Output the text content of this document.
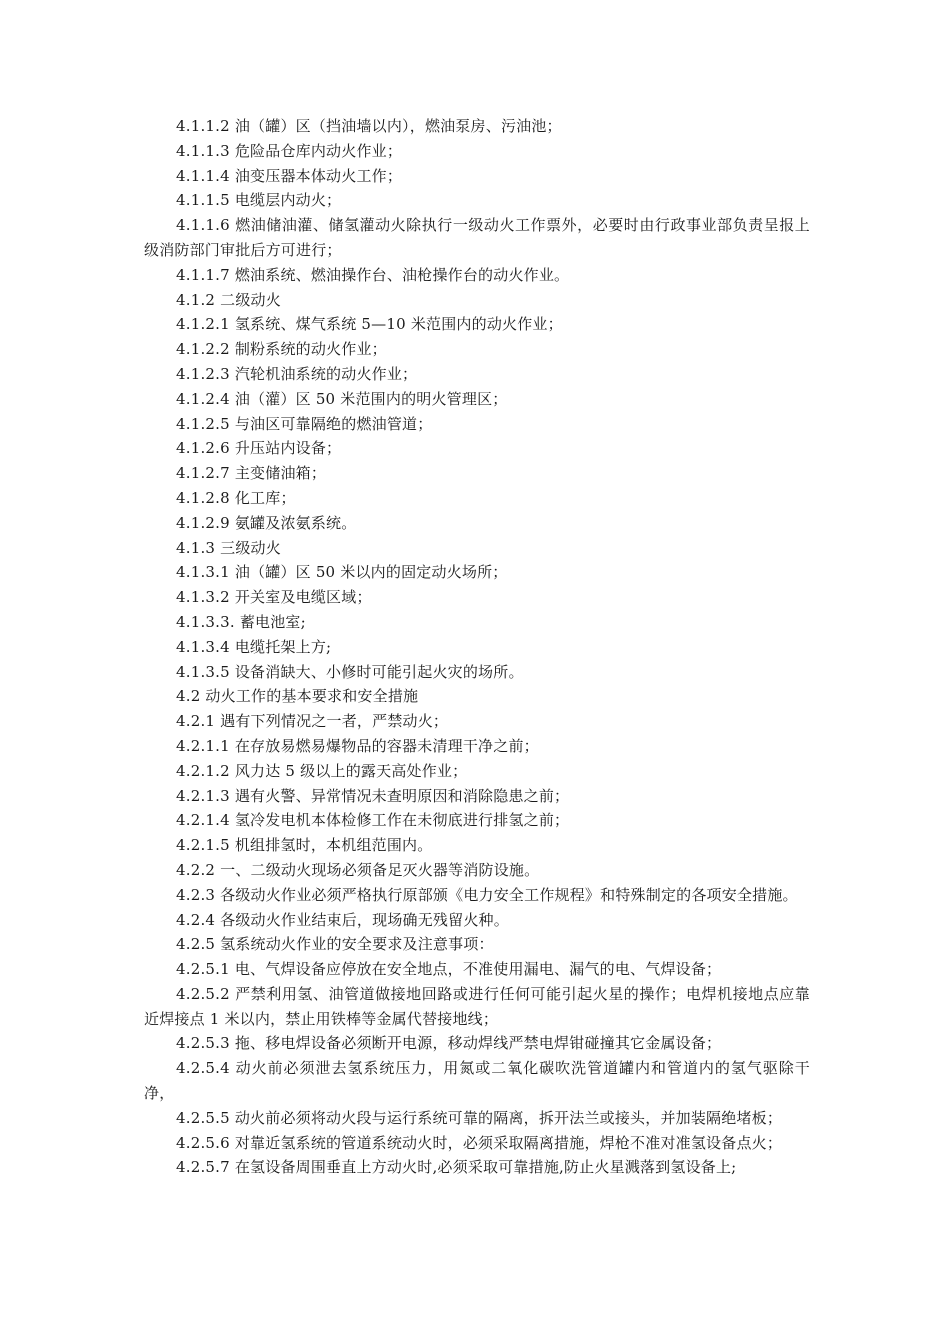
4.1.1.2 油（罐）区（挡油墙以内），燃油泵房、污油池；

4.1.1.3 危险品仓库内动火作业；

4.1.1.4 油变压器本体动火工作；

4.1.1.5 电缆层内动火；

4.1.1.6 燃油储油灌、储氢灌动火除执行一级动火工作票外，必要时由行政事业部负责呈报上级消防部门审批后方可进行；

4.1.1.7 燃油系统、燃油操作台、油枪操作台的动火作业。

4.1.2 二级动火

4.1.2.1 氢系统、煤气系统 5—10 米范围内的动火作业；

4.1.2.2 制粉系统的动火作业；

4.1.2.3 汽轮机油系统的动火作业；

4.1.2.4 油（灌）区 50 米范围内的明火管理区；

4.1.2.5 与油区可靠隔绝的燃油管道；

4.1.2.6 升压站内设备；

4.1.2.7 主变储油箱；

4.1.2.8 化工库；

4.1.2.9 氨罐及浓氨系统。

4.1.3 三级动火

4.1.3.1 油（罐）区 50 米以内的固定动火场所；

4.1.3.2 开关室及电缆区域；

4.1.3.3. 蓄电池室;

4.1.3.4 电缆托架上方;

4.1.3.5 设备消缺大、小修时可能引起火灾的场所。

4.2 动火工作的基本要求和安全措施

4.2.1 遇有下列情况之一者，严禁动火；

4.2.1.1 在存放易燃易爆物品的容器未清理干净之前；

4.2.1.2 风力达 5 级以上的露天高处作业；

4.2.1.3 遇有火警、异常情况未查明原因和消除隐患之前；

4.2.1.4 氢冷发电机本体检修工作在未彻底进行排氢之前；

4.2.1.5 机组排氢时，本机组范围内。

4.2.2 一、二级动火现场必须备足灭火器等消防设施。

4.2.3 各级动火作业必须严格执行原部颁《电力安全工作规程》和特殊制定的各项安全措施。

4.2.4 各级动火作业结束后，现场确无残留火种。

4.2.5 氢系统动火作业的安全要求及注意事项：

4.2.5.1 电、气焊设备应停放在安全地点，不准使用漏电、漏气的电、气焊设备；

4.2.5.2 严禁利用氢、油管道做接地回路或进行任何可能引起火星的操作；电焊机接地点应靠近焊接点 1 米以内，禁止用铁棒等金属代替接地线；

4.2.5.3 拖、移电焊设备必须断开电源，移动焊线严禁电焊钳碰撞其它金属设备；

4.2.5.4 动火前必须泄去氢系统压力，用氮或二氧化碳吹洗管道罐内和管道内的氢气驱除干净，

4.2.5.5 动火前必须将动火段与运行系统可靠的隔离，拆开法兰或接头，并加装隔绝堵板；

4.2.5.6 对靠近氢系统的管道系统动火时，必须采取隔离措施，焊枪不准对准氢设备点火；

4.2.5.7 在氢设备周围垂直上方动火时,必须采取可靠措施,防止火星溅落到氢设备上;
